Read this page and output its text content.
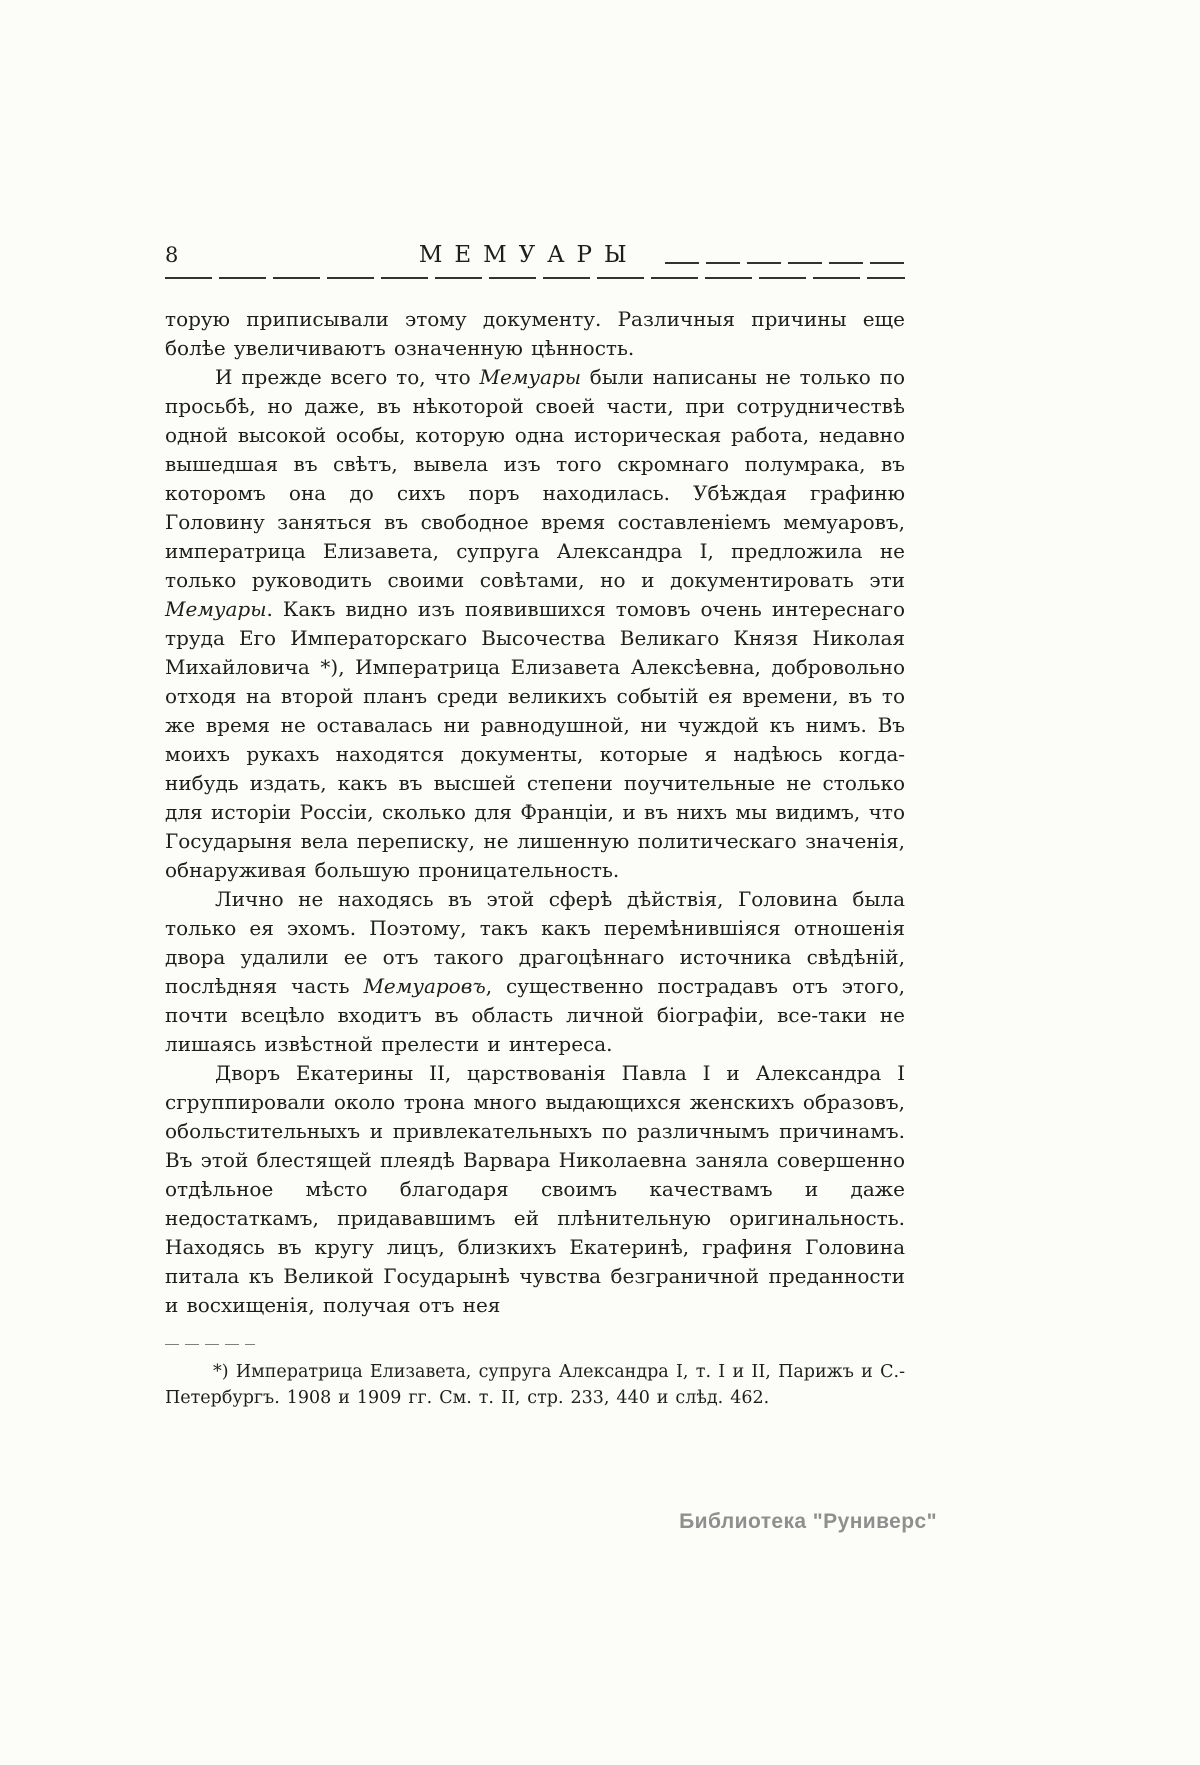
8	МЕМУАРЫ

торую приписывали этому документу. Различныя причины еще болѣе увеличиваютъ означенную цѣнность.

И прежде всего то, что Мемуары были написаны не только по просьбѣ, но даже, въ нѣкоторой своей части, при сотрудничествѣ одной высокой особы, которую одна историческая работа, недавно вышедшая въ свѣтъ, вывела изъ того скромнаго полумрака, въ которомъ она до сихъ поръ находилась. Убѣждая графиню Головину заняться въ свободное время составленіемъ мемуаровъ, императрица Елизавета, супруга Александра I, предложила не только руководить своими совѣтами, но и документировать эти Мемуары. Какъ видно изъ появившихся томовъ очень интереснаго труда Его Императорскаго Высочества Великаго Князя Николая Михайловича *), Императрица Елизавета Алексѣевна, добровольно отходя на второй планъ среди великихъ событій ея времени, въ то же время не оставалась ни равнодушной, ни чуждой къ нимъ. Въ моихъ рукахъ находятся документы, которые я надѣюсь когда-нибудь издать, какъ въ высшей степени поучительные не столько для исторіи Россіи, сколько для Франціи, и въ нихъ мы видимъ, что Государыня вела переписку, не лишенную политическаго значенія, обнаруживая большую проницательность.

Лично не находясь въ этой сферѣ дѣйствія, Головина была только ея эхомъ. Поэтому, такъ какъ перемѣнившіяся отношенія двора удалили ее отъ такого драгоцѣннаго источника свѣдѣній, послѣдняя часть Мемуаровъ, существенно пострадавъ отъ этого, почти всецѣло входитъ въ область личной біографіи, все-таки не лишаясь извѣстной прелести и интереса.

Дворъ Екатерины II, царствованія Павла I и Александра I сгруппировали около трона много выдающихся женскихъ образовъ, обольстительныхъ и привлекательныхъ по различнымъ причинамъ. Въ этой блестящей плеядѣ Варвара Николаевна заняла совершенно отдѣльное мѣсто благодаря своимъ качествамъ и даже недостаткамъ, придававшимъ ей плѣнительную оригинальность. Находясь въ кругу лицъ, близкихъ Екатеринѣ, графиня Головина питала къ Великой Государынѣ чувства безграничной преданности и восхищенія, получая отъ нея

*) Императрица Елизавета, супруга Александра I, т. I и II, Парижъ и С.-Петербургъ. 1908 и 1909 гг. См. т. II, стр. 233, 440 и слѣд. 462.

Библиотека "Руниверс"
